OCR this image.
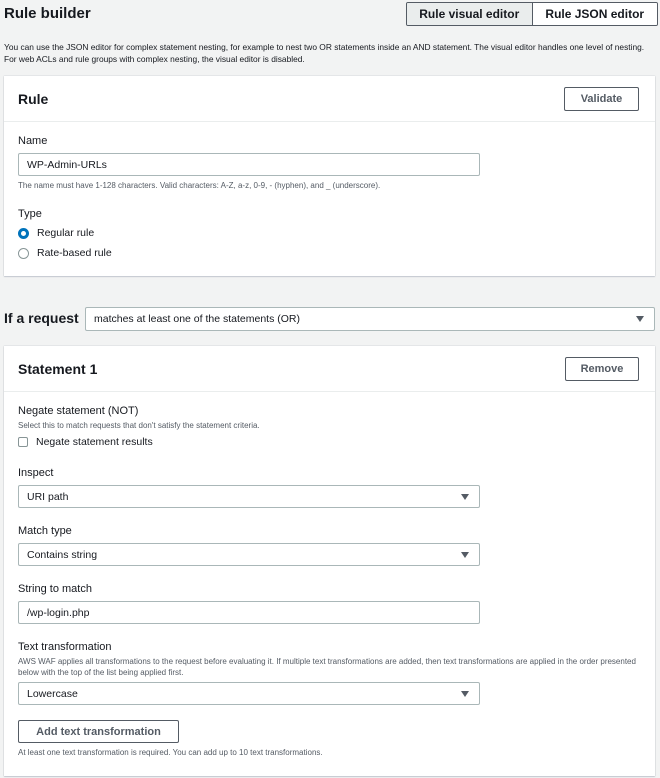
Rule builder	Rule visual editor	Rule JSON editor
You can use the JSON editor for complex statement nesting, for example to nest two OR statements inside an AND statement. The visual editor handles one level of nesting. For web ACLs and rule groups with complex nesting, the visual editor is disabled.
Rule	Validate
Name
WP-Admin-URLs
The name must have 1-128 characters. Valid characters: A-Z, a-z, 0-9, - (hyphen), and _ (underscore).
Type
Regular rule
Rate-based rule
If a request matches at least one of the statements (OR)
Statement 1	Remove
Negate statement (NOT)
Select this to match requests that don't satisfy the statement criteria.
Negate statement results
Inspect
URI path
Match type
Contains string
String to match
/wp-login.php
Text transformation
AWS WAF applies all transformations to the request before evaluating it. If multiple text transformations are added, then text transformations are applied in the order presented below with the top of the list being applied first.
Lowercase
Add text transformation
At least one text transformation is required. You can add up to 10 text transformations.
